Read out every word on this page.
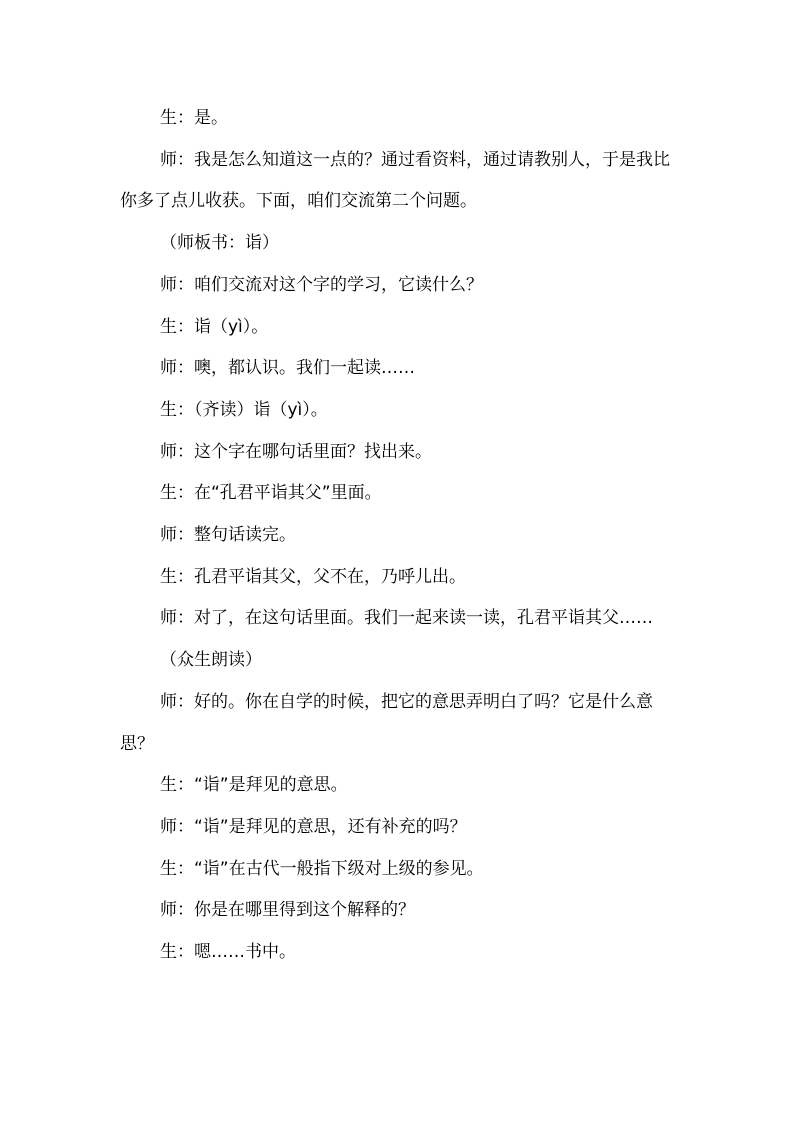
生：是。

师：我是怎么知道这一点的？通过看资料，通过请教别人，于是我比你多了点儿收获。下面，咱们交流第二个问题。

（师板书：诣）

师：咱们交流对这个字的学习，它读什么？

生：诣（yì）。

师：噢，都认识。我们一起读……

生：（齐读）诣（yì）。

师：这个字在哪句话里面？找出来。

生：在“孔君平诣其父”里面。

师：整句话读完。

生：孔君平诣其父，父不在，乃呼儿出。

师：对了，在这句话里面。我们一起来读一读，孔君平诣其父……

（众生朗读）

师：好的。你在自学的时候，把它的意思弄明白了吗？它是什么意思？

生：“诣”是拜见的意思。

师：“诣”是拜见的意思，还有补充的吗？

生：“诣”在古代一般指下级对上级的参见。

师：你是在哪里得到这个解释的？

生：嗯……书中。
